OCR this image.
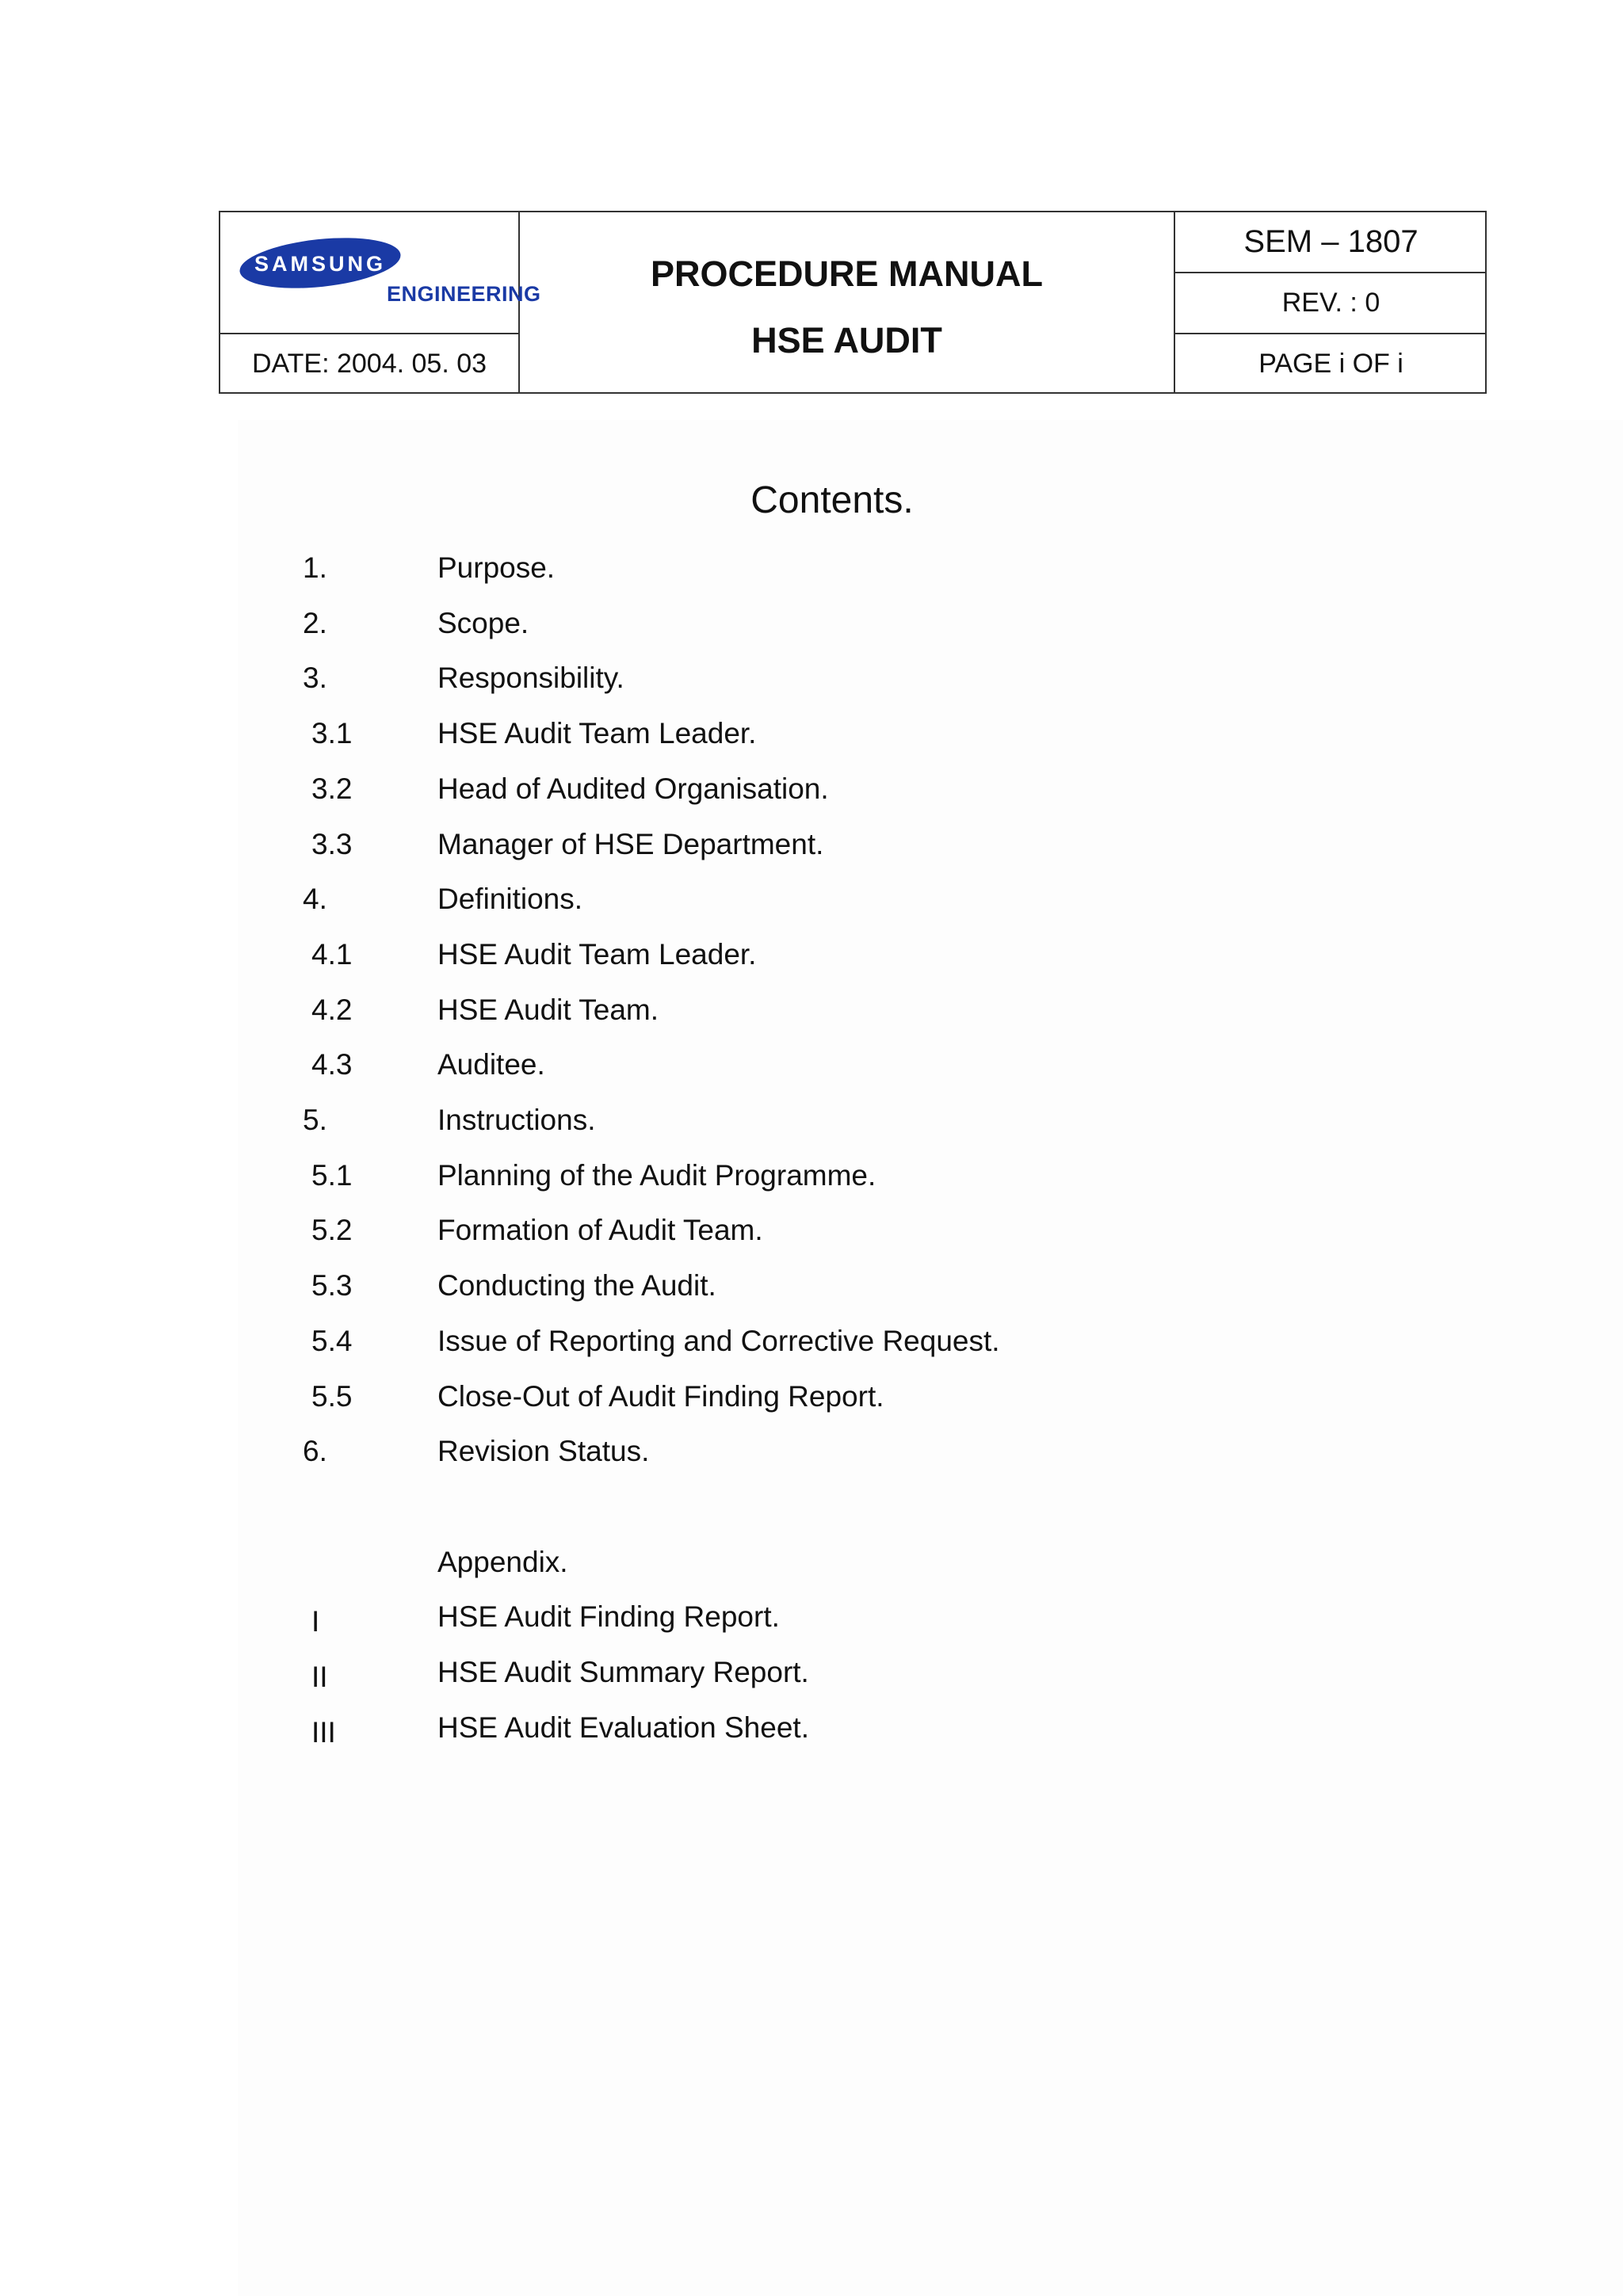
SAMSUNG
ENGINEERING
DATE: 2004. 05. 03
PROCEDURE MANUAL
HSE AUDIT
SEM – 1807
REV. : 0
PAGE i OF i
Contents.
1.	Purpose.
2.	Scope.
3.	Responsibility.
3.1	HSE Audit Team Leader.
3.2	Head of Audited Organisation.
3.3	Manager of HSE Department.
4.	Definitions.
4.1	HSE Audit Team Leader.
4.2	HSE Audit Team.
4.3	Auditee.
5.	Instructions.
5.1	Planning of the Audit Programme.
5.2	Formation of Audit Team.
5.3	Conducting the Audit.
5.4	Issue of Reporting and Corrective Request.
5.5	Close-Out of Audit Finding Report.
6.	Revision Status.
Appendix.
I	HSE Audit Finding Report.
II	HSE Audit Summary Report.
III	HSE Audit Evaluation Sheet.
